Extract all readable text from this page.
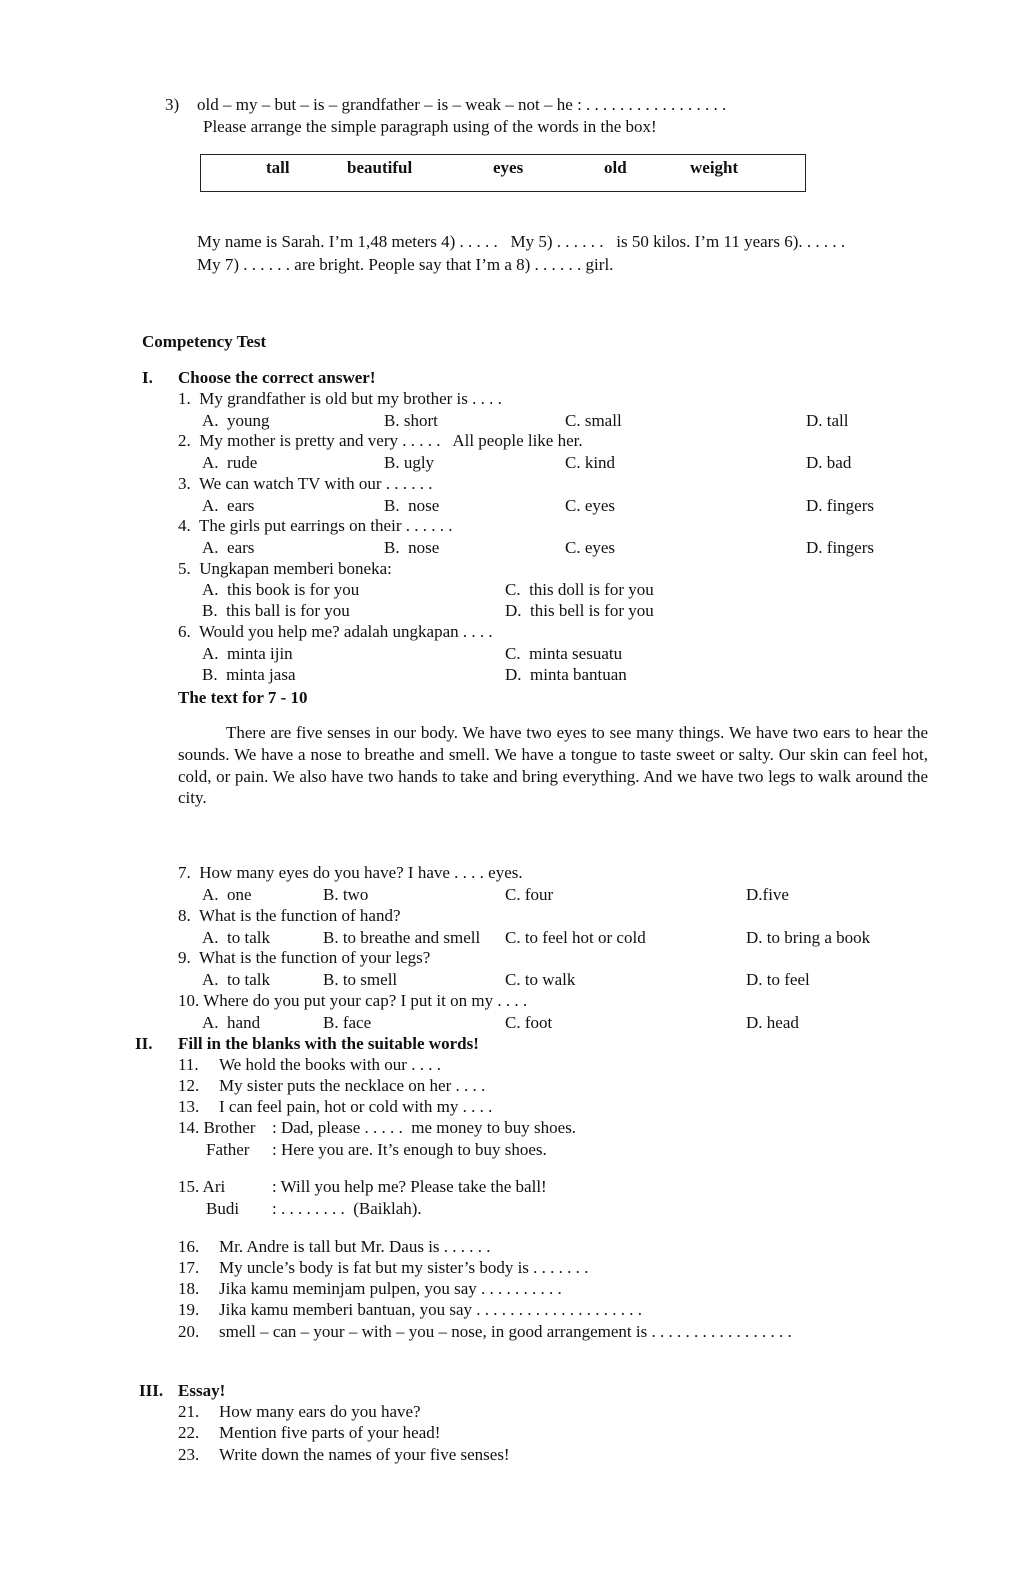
3) old – my – but – is – grandfather – is – weak – not – he : . . . . . . . . . . . . . . . . .
Please arrange the simple paragraph using of the words in the box!
tall	beautiful	eyes	old	weight
My name is Sarah. I’m 1,48 meters 4) . . . . .   My 5) . . . . . .   is 50 kilos. I’m 11 years 6). . . . . .
My 7) . . . . . . are bright. People say that I’m a 8) . . . . . . girl.
Competency Test
I. Choose the correct answer!
1.  My grandfather is old but my brother is . . . .
A.  young	B. short	C. small	D. tall
2.  My mother is pretty and very . . . . .   All people like her.
A.  rude	B. ugly	C. kind	D. bad
3.  We can watch TV with our . . . . . .
A.  ears	B.  nose	C. eyes	D. fingers
4.  The girls put earrings on their . . . . . .
A.  ears	B.  nose	C. eyes	D. fingers
5.  Ungkapan memberi boneka:
A.  this book is for you	C.  this doll is for you
B.  this ball is for you	D.  this bell is for you
6.  Would you help me? adalah ungkapan . . . .
A.  minta ijin	C.  minta sesuatu
B.  minta jasa	D.  minta bantuan
The text for 7 - 10
There are five senses in our body. We have two eyes to see many things. We have two ears to hear the sounds. We have a nose to breathe and smell. We have a tongue to taste sweet or salty. Our skin can feel hot, cold, or pain. We also have two hands to take and bring everything. And we have two legs to walk around the city.
7.  How many eyes do you have? I have . . . . eyes.
A.  one	B. two	C. four	D.five
8.  What is the function of hand?
A.  to talk	B. to breathe and smell C. to feel hot or cold	D. to bring a book
9.  What is the function of your legs?
A.  to talk	B. to smell	C. to walk	D. to feel
10. Where do you put your cap? I put it on my . . . .
A.  hand	B. face	C. foot	D. head
II. Fill in the blanks with the suitable words!
11. We hold the books with our . . . .
12. My sister puts the necklace on her . . . .
13. I can feel pain, hot or cold with my . . . .
14. Brother : Dad, please . . . . .  me money to buy shoes.
Father : Here you are. It’s enough to buy shoes.
15. Ari	: Will you help me? Please take the ball!
Budi : . . . . . . . .  (Baiklah).
16. Mr. Andre is tall but Mr. Daus is . . . . . .
17. My uncle’s body is fat but my sister’s body is . . . . . . .
18. Jika kamu meminjam pulpen, you say . . . . . . . . . .
19. Jika kamu memberi bantuan, you say . . . . . . . . . . . . . . . . . . . .
20. smell – can – your – with – you – nose, in good arrangement is . . . . . . . . . . . . . . . . .
III. Essay!
21. How many ears do you have?
22. Mention five parts of your head!
23. Write down the names of your five senses!
